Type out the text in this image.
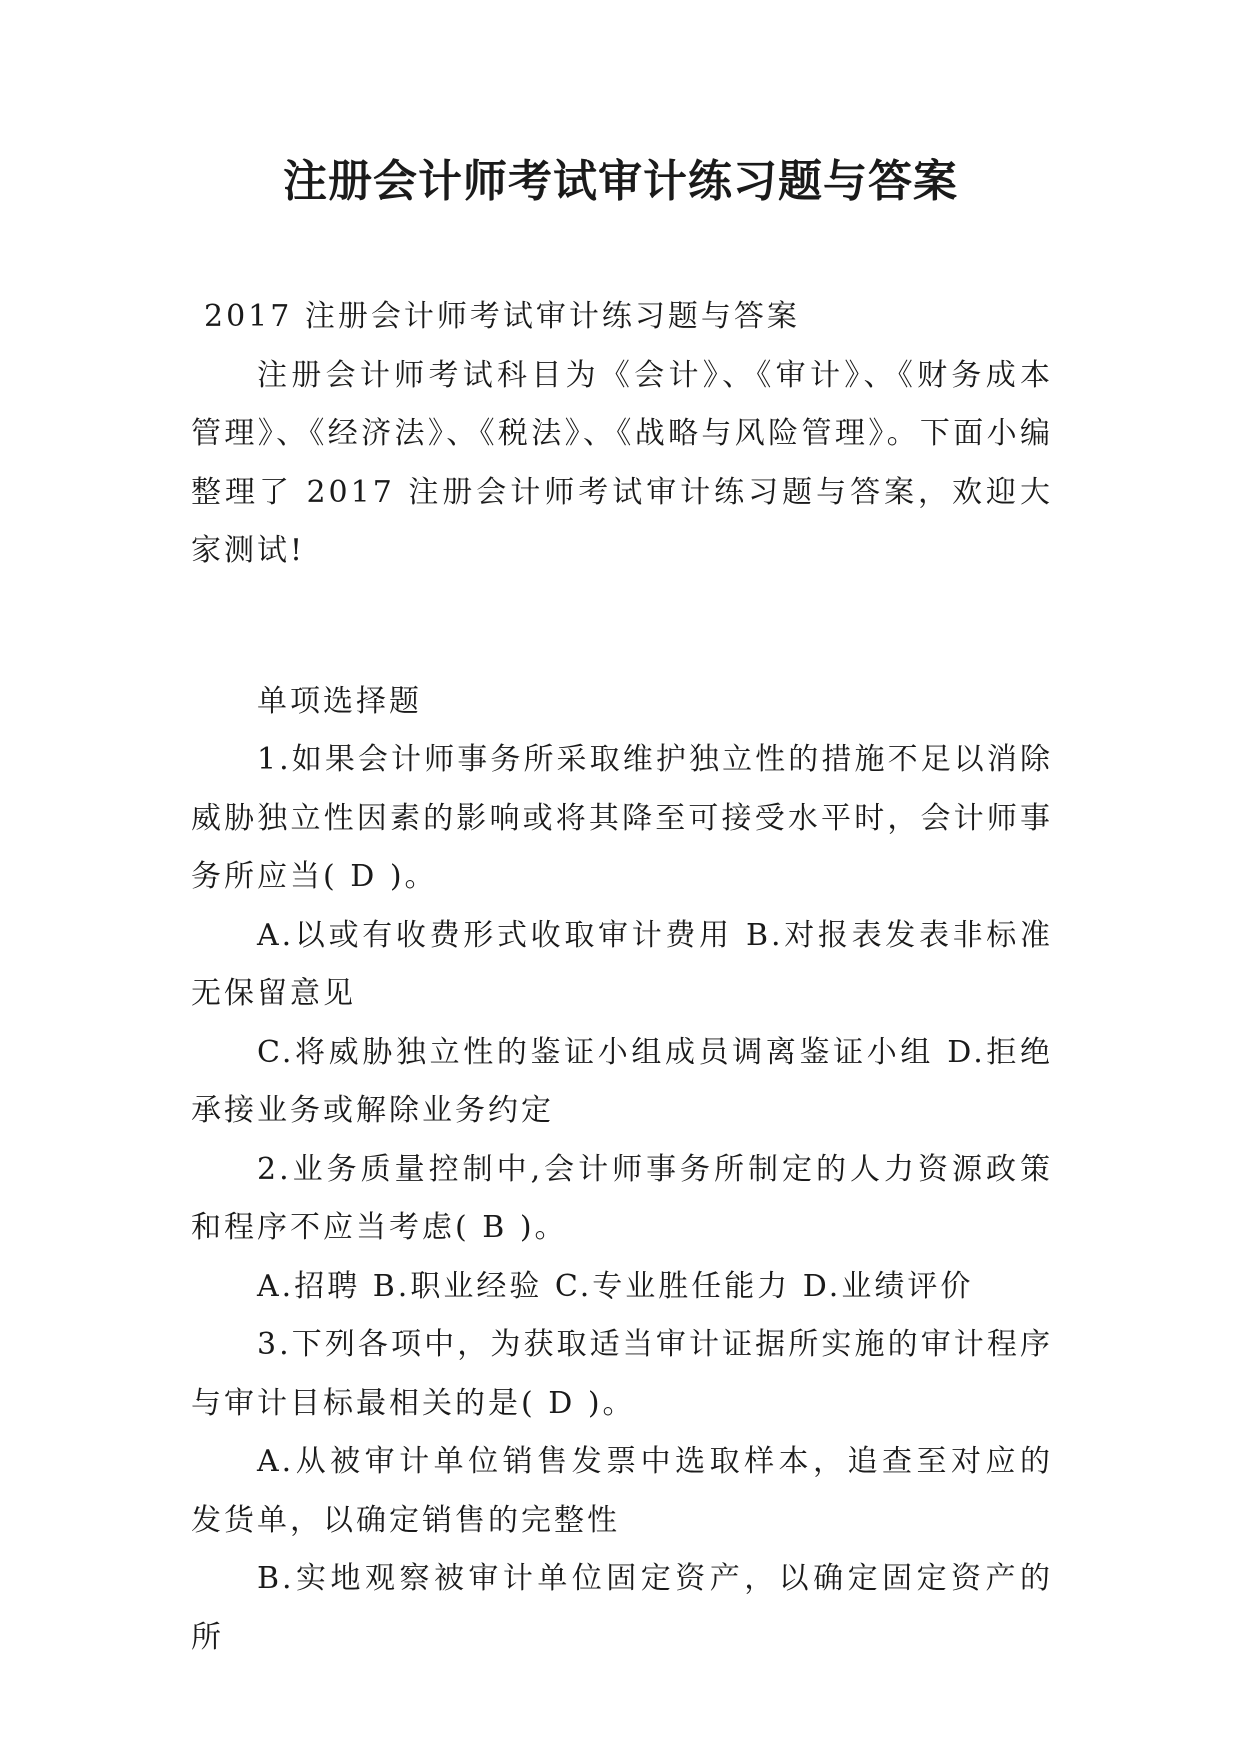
注册会计师考试审计练习题与答案

2017 注册会计师考试审计练习题与答案

注册会计师考试科目为《会计》、《审计》、《财务成本管理》、《经济法》、《税法》、《战略与风险管理》。下面小编整理了 2017 注册会计师考试审计练习题与答案，欢迎大家测试!

单项选择题

1.如果会计师事务所采取维护独立性的措施不足以消除威胁独立性因素的影响或将其降至可接受水平时，会计师事务所应当( D )。

A.以或有收费形式收取审计费用 B.对报表发表非标准无保留意见

C.将威胁独立性的鉴证小组成员调离鉴证小组 D.拒绝承接业务或解除业务约定

2.业务质量控制中,会计师事务所制定的人力资源政策和程序不应当考虑( B )。

A.招聘 B.职业经验 C.专业胜任能力 D.业绩评价

3.下列各项中，为获取适当审计证据所实施的审计程序与审计目标最相关的是( D )。

A.从被审计单位销售发票中选取样本，追查至对应的发货单，以确定销售的完整性

B.实地观察被审计单位固定资产，以确定固定资产的所
